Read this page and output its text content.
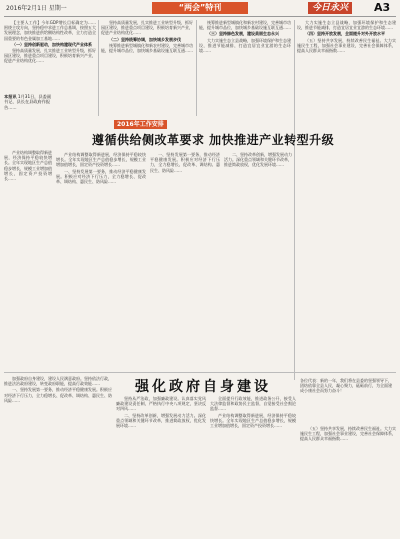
2016年2月1日 星期一	“两会”特刊	今日永兴	A3

【主要人工作】今年GDP增长目标确定为……围绕主攻方向，坚持稳中求进工作总基调，按照五大发展理念，加快推进供给侧结构性改革，全力打造全国重要的有色金属加工基地……

（一）坚持创新驱动，加快构建现代产业体系

坚持高质量发展，扎实推进工业转型升级，抓好园区建设，推进重点项目建设，积极培育新兴产业，促进产业结构优化……

坚持高质量发展，扎实推进工业转型升级，抓好园区建设，推进重点项目建设，积极培育新兴产业，促进产业结构优化……

（二）坚持统筹协调，加快城乡发展步伐

统筹推进新型城镇化和新农村建设，完善城市功能，提升城市品位，加快城乡基础设施互联互通……

统筹推进新型城镇化和新农村建设，完善城市功能，提升城市品位，加快城乡基础设施互联互通……

（三）坚持绿色发展，建设美丽生态永兴

大力实施生态立县战略，加强环境保护和生态建设，推进节能减排，打造宜居宜业宜游的生态环境……

大力实施生态立县战略，加强环境保护和生态建设，推进节能减排，打造宜居宜业宜游的生态环境……

（四）坚持开放发展，全面提升对外开放水平

（五）坚持共享发展，持续改善民生福祉。大力实施民生工程，加强社会事业建设，完善社会保障体系，提高人民群众幸福指数……

本报讯 1月31日，县委副书记、县长在县政府作报告……
2016年工作安排
遵循供给侧改革要求 加快推进产业转型升级

产业结构调整取得新进展，经济保持平稳较快增长。全年实现地区生产总值稳步增长，规模工业增加值增长，固定资产投资增长……

一、坚持发展第一要务，推动经济平稳健康发展。积极应对经济下行压力，全力稳增长、促改革、调结构、惠民生、防风险……

产业结构调整取得新进展，经济保持平稳较快增长。全年实现地区生产总值稳步增长，规模工业增加值增长，固定资产投资增长……

一、坚持发展第一要务，推动经济平稳健康发展。积极应对经济下行压力，全力稳增长、促改革、调结构、惠民生、防风险……

二、坚持改革创新，增强发展动力活力。深化重点领域和关键环节改革，推进简政放权，优化发展环境……

强化政府自身建设

加强政府自身建设，建设人民满意政府。坚持依法行政，推进法治政府建设，转变政府职能，提高行政效能……

一、坚持发展第一要务，推动经济平稳健康发展。积极应对经济下行压力，全力稳增长、促改革、调结构、惠民生、防风险……	坚持从严治政，加强廉政建设。认真落实党风廉政建设责任制，严格执行中央八项规定，坚决反对四风……

二、坚持改革创新，增强发展动力活力。深化重点领域和关键环节改革，推进简政放权，优化发展环境……

全面提升行政效能，推进政务公开，接受人大法律监督和政协民主监督，自觉接受社会舆论监督……

产业结构调整取得新进展，经济保持平稳较快增长。全年实现地区生产总值稳步增长，规模工业增加值增长，固定资产投资增长……

各位代表：新的一年，我们将在县委的坚强领导下，团结依靠全县人民，凝心聚力，砥砺前行，为全面建成小康社会而努力奋斗！

（五）坚持共享发展，持续改善民生福祉。大力实施民生工程，加强社会事业建设，完善社会保障体系，提高人民群众幸福指数……
